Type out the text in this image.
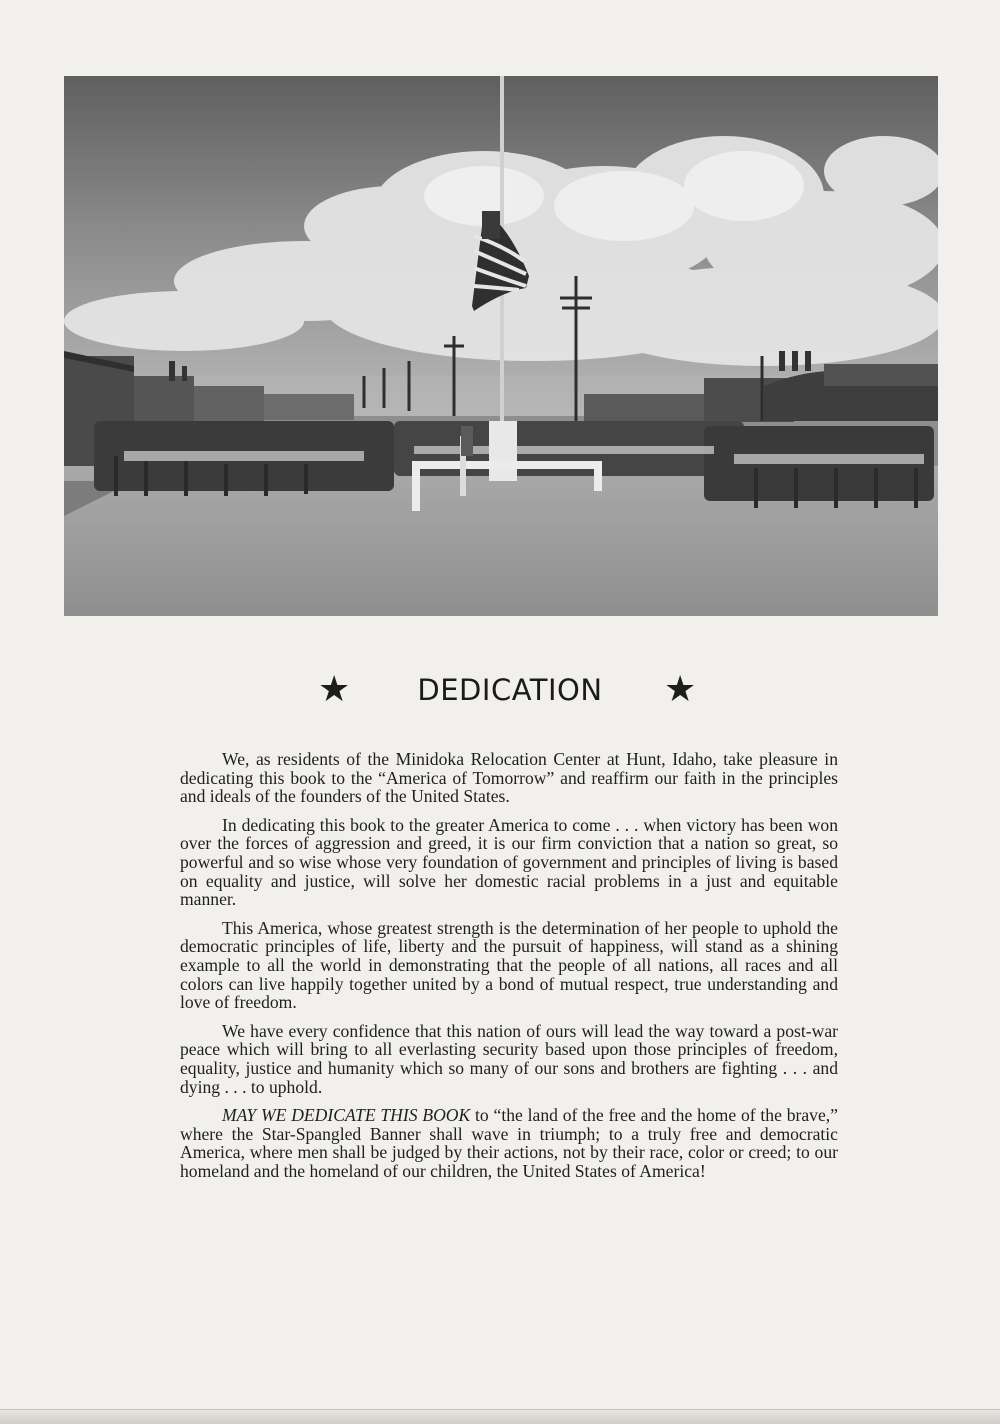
★	DEDICATION	★

We, as residents of the Minidoka Relocation Center at Hunt, Idaho, take pleasure in dedicating this book to the “America of Tomorrow” and reaffirm our faith in the principles and ideals of the founders of the United States.

In dedicating this book to the greater America to come . . . when victory has been won over the forces of aggression and greed, it is our firm conviction that a nation so great, so powerful and so wise whose very foundation of government and principles of living is based on equality and justice, will solve her domestic racial problems in a just and equitable manner.

This America, whose greatest strength is the determination of her people to uphold the democratic principles of life, liberty and the pursuit of happiness, will stand as a shining example to all the world in demonstrating that the people of all nations, all races and all colors can live happily together united by a bond of mutual respect, true understanding and love of freedom.

We have every confidence that this nation of ours will lead the way toward a post-war peace which will bring to all everlasting security based upon those principles of freedom, equality, justice and humanity which so many of our sons and brothers are fighting . . . and dying . . . to uphold.

MAY WE DEDICATE THIS BOOK to “the land of the free and the home of the brave,” where the Star-Spangled Banner shall wave in triumph; to a truly free and democratic America, where men shall be judged by their actions, not by their race, color or creed; to our homeland and the homeland of our children, the United States of America!
